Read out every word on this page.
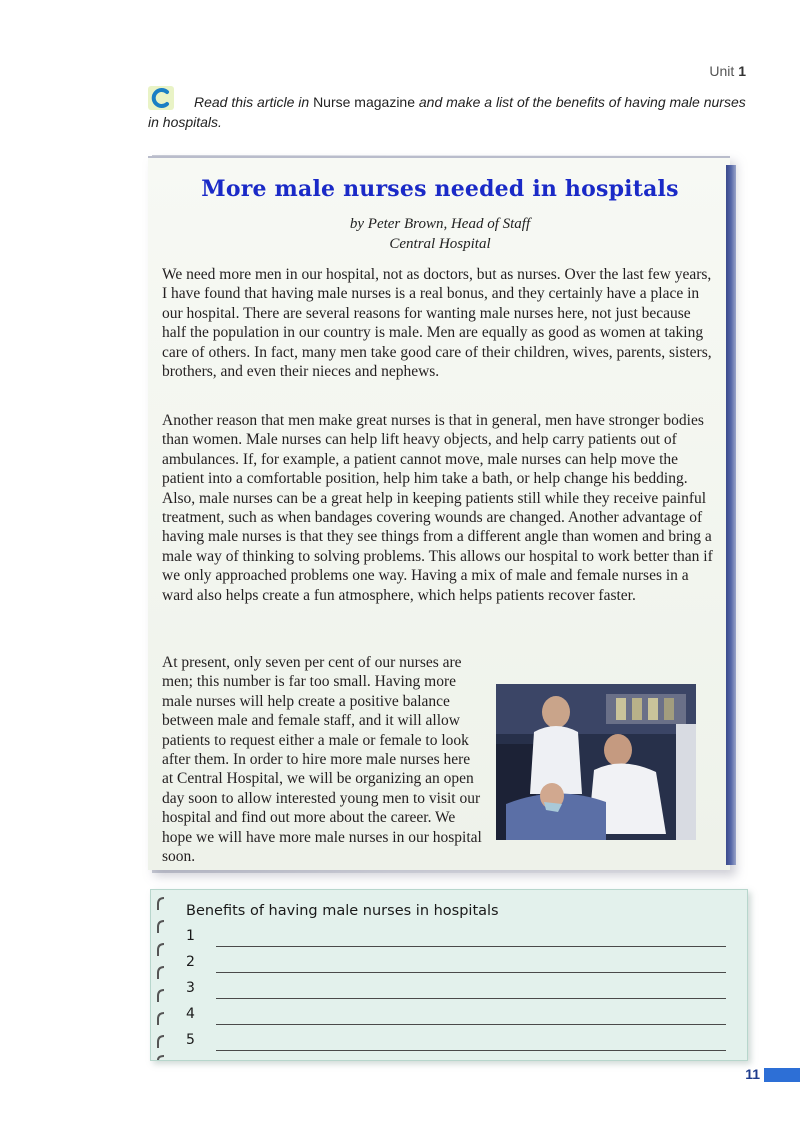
Unit 1
Read this article in Nurse magazine and make a list of the benefits of having male nurses in hospitals.
More male nurses needed in hospitals
by Peter Brown, Head of Staff
Central Hospital

We need more men in our hospital, not as doctors, but as nurses. Over the last few years, I have found that having male nurses is a real bonus, and they certainly have a place in our hospital. There are several reasons for wanting male nurses here, not just because half the population in our country is male. Men are equally as good as women at taking care of others. In fact, many men take good care of their children, wives, parents, sisters, brothers, and even their nieces and nephews.

Another reason that men make great nurses is that in general, men have stronger bodies than women. Male nurses can help lift heavy objects, and help carry patients out of ambulances. If, for example, a patient cannot move, male nurses can help move the patient into a comfortable position, help him take a bath, or help change his bedding. Also, male nurses can be a great help in keeping patients still while they receive painful treatment, such as when bandages covering wounds are changed. Another advantage of having male nurses is that they see things from a different angle than women and bring a male way of thinking to solving problems. This allows our hospital to work better than if we only approached problems one way. Having a mix of male and female nurses in a ward also helps create a fun atmosphere, which helps patients recover faster.

At present, only seven per cent of our nurses are men; this number is far too small. Having more male nurses will help create a positive balance between male and female staff, and it will allow patients to request either a male or female to look after them. In order to hire more male nurses here at Central Hospital, we will be organizing an open day soon to allow interested young men to visit our hospital and find out more about the career. We hope we will have more male nurses in our hospital soon.

Benefits of having male nurses in hospitals
1
2
3
4
5
11
